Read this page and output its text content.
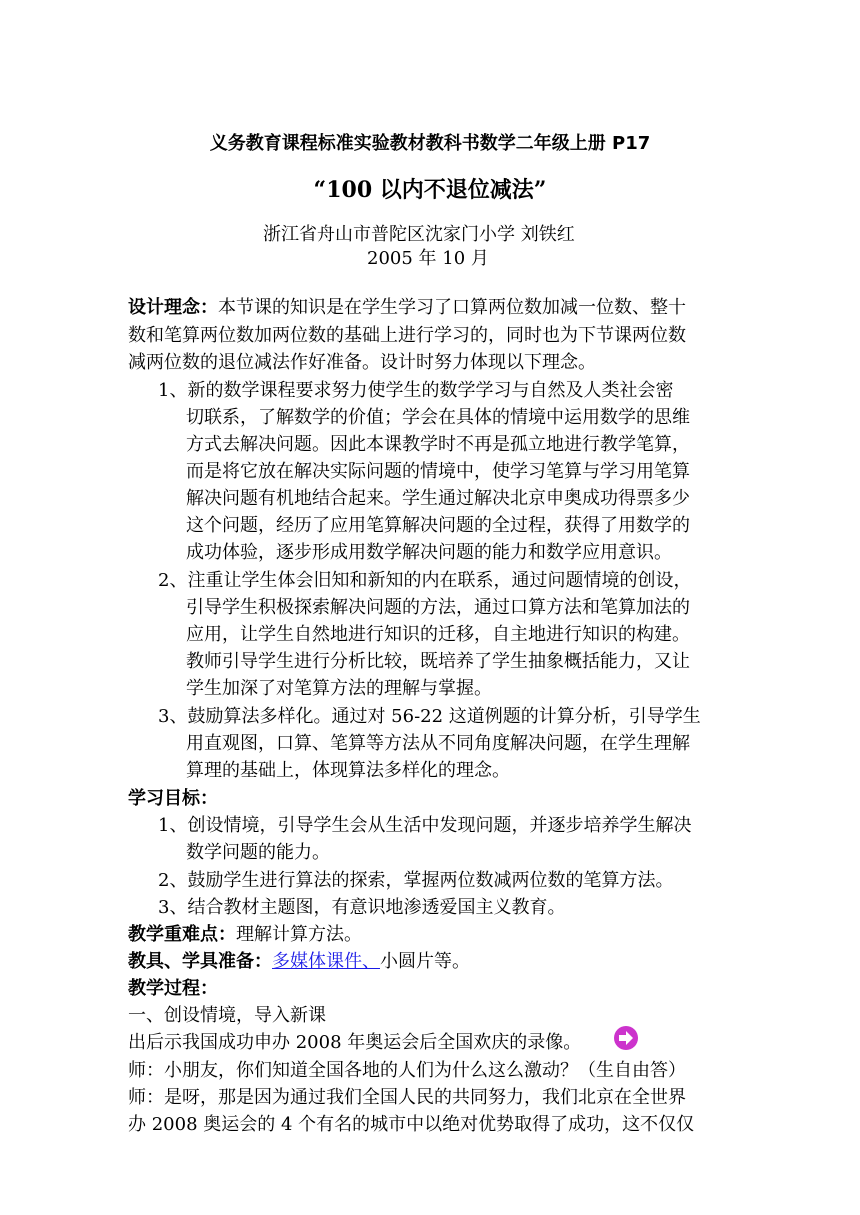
义务教育课程标准实验教材教科书数学二年级上册 P17
“100 以内不退位减法”
浙江省舟山市普陀区沈家门小学 刘铁红
2005 年 10 月
设计理念：本节课的知识是在学生学习了口算两位数加减一位数、整十
数和笔算两位数加两位数的基础上进行学习的，同时也为下节课两位数
减两位数的退位减法作好准备。设计时努力体现以下理念。
1、新的数学课程要求努力使学生的数学学习与自然及人类社会密
切联系，了解数学的价值；学会在具体的情境中运用数学的思维
方式去解决问题。因此本课教学时不再是孤立地进行教学笔算，
而是将它放在解决实际问题的情境中，使学习笔算与学习用笔算
解决问题有机地结合起来。学生通过解决北京申奥成功得票多少
这个问题，经历了应用笔算解决问题的全过程，获得了用数学的
成功体验，逐步形成用数学解决问题的能力和数学应用意识。
2、注重让学生体会旧知和新知的内在联系，通过问题情境的创设，
引导学生积极探索解决问题的方法，通过口算方法和笔算加法的
应用，让学生自然地进行知识的迁移，自主地进行知识的构建。
教师引导学生进行分析比较，既培养了学生抽象概括能力，又让
学生加深了对笔算方法的理解与掌握。
3、鼓励算法多样化。通过对 56-22 这道例题的计算分析，引导学生
用直观图，口算、笔算等方法从不同角度解决问题，在学生理解
算理的基础上，体现算法多样化的理念。
学习目标：
1、创设情境，引导学生会从生活中发现问题，并逐步培养学生解决
数学问题的能力。
2、鼓励学生进行算法的探索，掌握两位数减两位数的笔算方法。
3、结合教材主题图，有意识地渗透爱国主义教育。
教学重难点：理解计算方法。
教具、学具准备：多媒体课件、小圆片等。
教学过程：
一、创设情境，导入新课
出后示我国成功申办 2008 年奥运会后全国欢庆的录像。
师：小朋友，你们知道全国各地的人们为什么这么激动？（生自由答）
师：是呀，那是因为通过我们全国人民的共同努力，我们北京在全世界
办 2008 奥运会的 4 个有名的城市中以绝对优势取得了成功，这不仅仅
